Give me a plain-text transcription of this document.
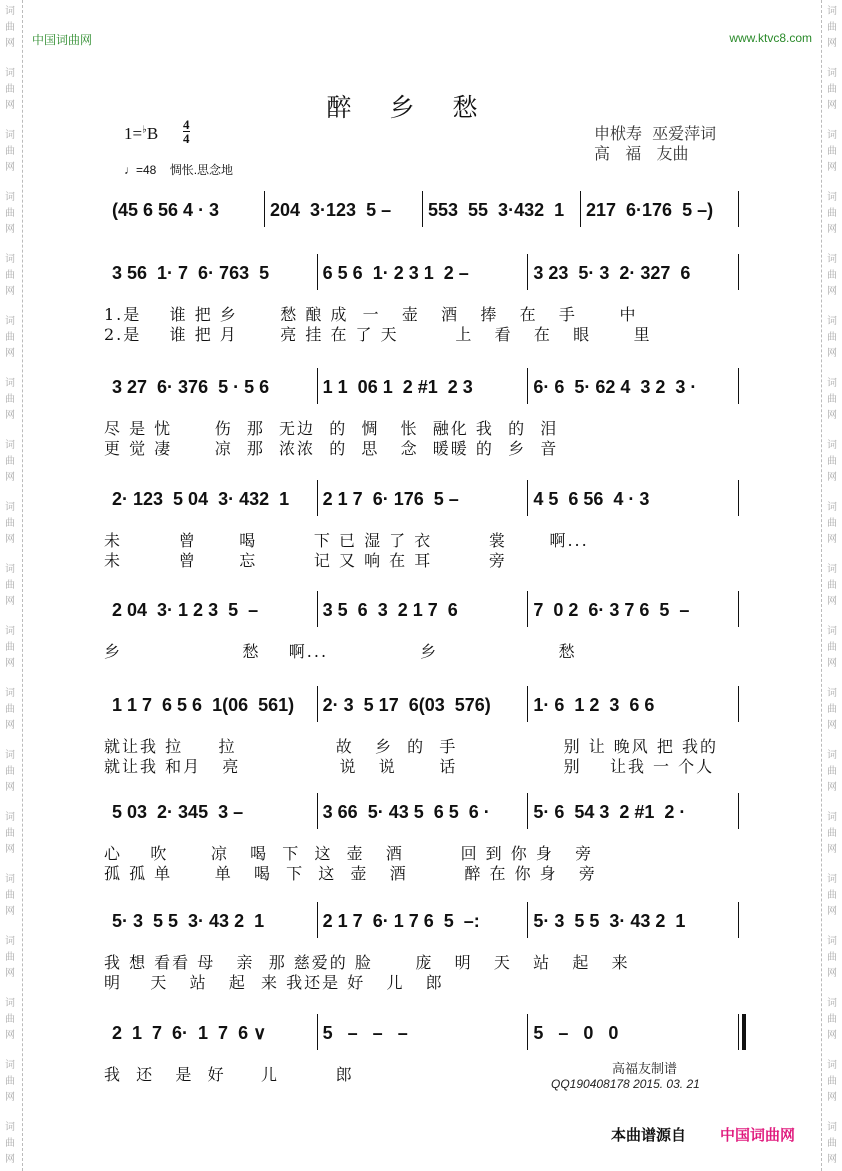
词
曲
网
词
曲
网
词
曲
网
词
曲
网
词
曲
网
词
曲
网
词
曲
网
词
曲
网
词
曲
网
词
曲
网
词
曲
网
词
曲
网
词
曲
网
词
曲
网
词
曲
网
词
曲
网
词
曲
网
词
曲
网
词
曲
网
词
曲
网
词
曲
网
词
曲
网
词
曲
网
词
曲
网
词
曲
网
词
曲
网
词
曲
网
词
曲
网
词
曲
网
词
曲
网
词
曲
网
词
曲
网
词
曲
网
词
曲
网
词
曲
网
词
曲
网
词
曲
网
词
曲
网
中国词曲网	www.ktvc8.com
醉乡愁
1=♭B 4
4
♩=48 惆怅.思念地
申栿寿  巫爱萍词
高   福   友曲
(45 6 56 4 · 3	204  3·123  5 –	553  55  3·432  1	217  6·176  5 –)
3 56  1· 7  6· 763  5	6 5 6  1· 2 3 1  2 –	3 23  5· 3  2· 327  6
1.是    谁 把 乡      愁 酿 成  一   壶   酒   捧   在   手      中
2.是    谁 把 月      亮 挂 在 了 天        上   看   在   眼      里
3 27  6· 376  5 · 5 6	1 1  06 1  2 #1  2 3	6· 6  5· 62 4  3 2  3 ·
尽 是 忧      伤  那  无边  的  惆   怅  融化 我  的  泪
更 觉 凄      凉  那  浓浓  的  思   念  暖暖 的  乡  音
2· 123  5 04  3· 432  1	2 1 7  6· 176  5 –	4 5  6 56  4 · 3
未        曾      喝        下 已 湿 了 衣        裳      啊...
未        曾      忘        记 又 响 在 耳        旁
2 04  3· 1 2 3  5  –	3 5  6  3  2 1 7  6	7  0 2  6· 3 7 6  5  –
乡                 愁    啊...             乡                 愁
1 1 7  6 5 6  1(06  561)	2· 3  5 17  6(03  576)	1· 6  1 2  3  6 6
就让我 拉     拉              故   乡  的  手               别 让 晚风 把 我的
就让我 和月   亮              说   说      话               别    让我 一 个人
5 03  2· 345  3 –	3 66  5· 43 5  6 5  6 ·	5· 6  54 3  2 #1  2 ·
心    吹      凉   喝  下  这  壶   酒        回 到 你 身   旁
孤 孤 单      单   喝  下  这  壶   酒        醉 在 你 身   旁
5· 3  5 5  3· 43 2  1	2 1 7  6· 1 7 6  5  –:	5· 3  5 5  3· 43 2  1
我 想 看看 母   亲  那 慈爱的 脸      庞   明   天   站   起   来
明    天   站   起  来 我还是 好   儿   郎
2  1  7  6·  1  7  6 ∨	5   –   –   –	5   –   0   0
我  还   是  好     儿        郎	高福友制谱
QQ190408178 2015. 03. 21
本曲谱源自 中国词曲网
